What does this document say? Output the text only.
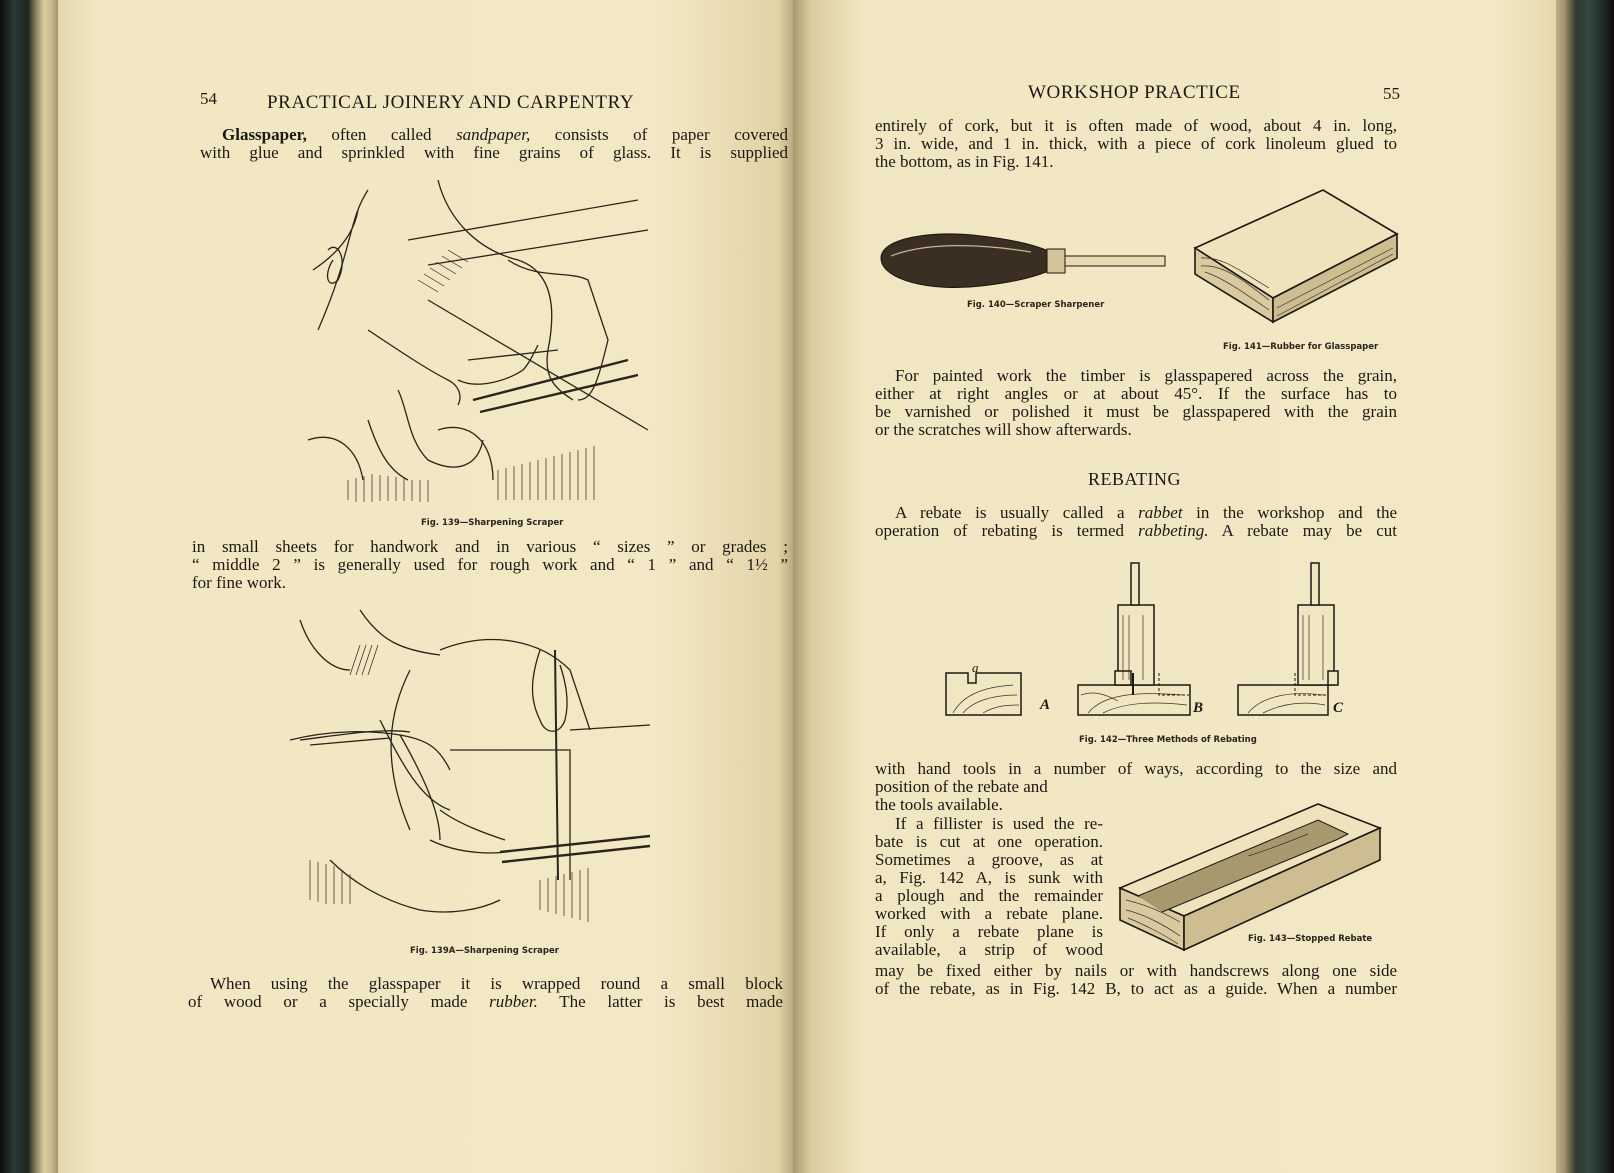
54	PRACTICAL JOINERY AND CARPENTRY
Glasspaper, often called sandpaper, consists of paper covered
with glue and sprinkled with fine grains of glass. It is supplied
Fig. 139—Sharpening Scraper
in small sheets for handwork and in various “ sizes ” or grades ;
“ middle 2 ” is generally used for rough work and “ 1 ” and “ 1½ ”
for fine work.
Fig. 139A—Sharpening Scraper
When using the glasspaper it is wrapped round a small block
of wood or a specially made rubber. The latter is best made
WORKSHOP PRACTICE	55
entirely of cork, but it is often made of wood, about 4 in. long,
3 in. wide, and 1 in. thick, with a piece of cork linoleum glued to
the bottom, as in Fig. 141.
Fig. 140—Scraper Sharpener
Fig. 141—Rubber for Glasspaper
For painted work the timber is glasspapered across the grain,
either at right angles or at about 45°. If the surface has to
be varnished or polished it must be glasspapered with the grain
or the scratches will show afterwards.
REBATING
A rebate is usually called a rabbet in the workshop and the
operation of rebating is termed rabbeting. A rebate may be cut
a
A	B	C
Fig. 142—Three Methods of Rebating
with hand tools in a number of ways, according to the size and
position of the rebate and
the tools available.
If a fillister is used the re-
bate is cut at one operation.
Sometimes a groove, as at
a, Fig. 142 A, is sunk with
a plough and the remainder
worked with a rebate plane.
If only a rebate plane is
available, a strip of wood
Fig. 143—Stopped Rebate
may be fixed either by nails or with handscrews along one side
of the rebate, as in Fig. 142 B, to act as a guide. When a number
